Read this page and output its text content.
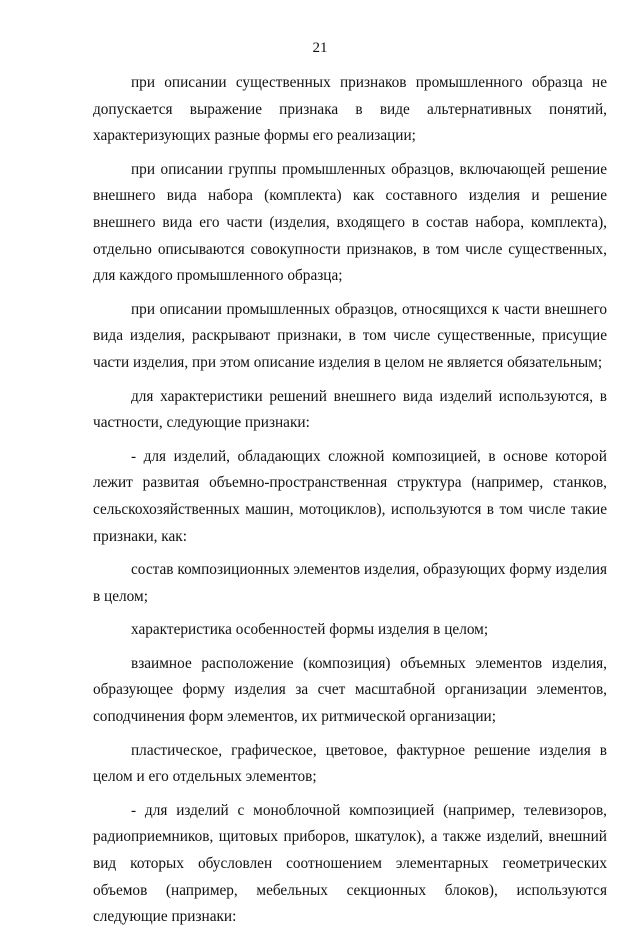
21

при описании существенных признаков промышленного образца не допускается выражение признака в виде альтернативных понятий, характеризующих разные формы его реализации;

при описании группы промышленных образцов, включающей решение внешнего вида набора (комплекта) как составного изделия и решение внешнего вида его части (изделия, входящего в состав набора, комплекта), отдельно описываются совокупности признаков, в том числе существенных, для каждого промышленного образца;

при описании промышленных образцов, относящихся к части внешнего вида изделия, раскрывают признаки, в том числе существенные, присущие части изделия, при этом описание изделия в целом не является обязательным;

для характеристики решений внешнего вида изделий используются, в частности, следующие признаки:

- для изделий, обладающих сложной композицией, в основе которой лежит развитая объемно-пространственная структура (например, станков, сельскохозяйственных машин, мотоциклов), используются в том числе такие признаки, как:

состав композиционных элементов изделия, образующих форму изделия в целом;

характеристика особенностей формы изделия в целом;

взаимное расположение (композиция) объемных элементов изделия, образующее форму изделия за счет масштабной организации элементов, соподчинения форм элементов, их ритмической организации;

пластическое, графическое, цветовое, фактурное решение изделия в целом и его отдельных элементов;

- для изделий с моноблочной композицией (например, телевизоров, радиоприемников, щитовых приборов, шкатулок), а также изделий, внешний вид которых обусловлен соотношением элементарных геометрических объемов (например, мебельных секционных блоков), используются следующие признаки:
